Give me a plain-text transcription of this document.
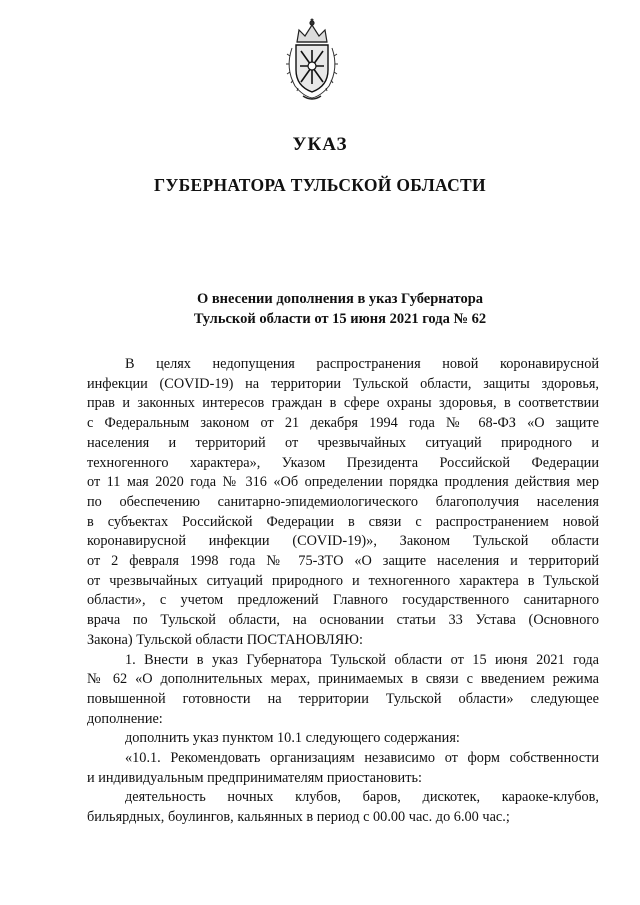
УКАЗ
ГУБЕРНАТОРА ТУЛЬСКОЙ ОБЛАСТИ
О внесении дополнения в указ Губернатора
Тульской области от 15 июня 2021 года № 62
В целях недопущения распространения новой коронавирусной
инфекции (COVID-19) на территории Тульской области, защиты здоровья,
прав и законных интересов граждан в сфере охраны здоровья, в соответствии
с Федеральным законом от 21 декабря 1994 года № 68-ФЗ «О защите
населения и территорий от чрезвычайных ситуаций природного и
техногенного характера», Указом Президента Российской Федерации
от 11 мая 2020 года № 316 «Об определении порядка продления действия мер
по обеспечению санитарно-эпидемиологического благополучия населения
в субъектах Российской Федерации в связи с распространением новой
коронавирусной инфекции (COVID-19)», Законом Тульской области
от 2 февраля 1998 года № 75-ЗТО «О защите населения и территорий
от чрезвычайных ситуаций природного и техногенного характера в Тульской
области», с учетом предложений Главного государственного санитарного
врача по Тульской области, на основании статьи 33 Устава (Основного
Закона) Тульской области ПОСТАНОВЛЯЮ:
1. Внести в указ Губернатора Тульской области от 15 июня 2021 года
№ 62 «О дополнительных мерах, принимаемых в связи с введением режима
повышенной готовности на территории Тульской области» следующее
дополнение:
дополнить указ пунктом 10.1 следующего содержания:
«10.1. Рекомендовать организациям независимо от форм собственности
и индивидуальным предпринимателям приостановить:
деятельность ночных клубов, баров, дискотек, караоке-клубов,
бильярдных, боулингов, кальянных в период с 00.00 час. до 6.00 час.;
